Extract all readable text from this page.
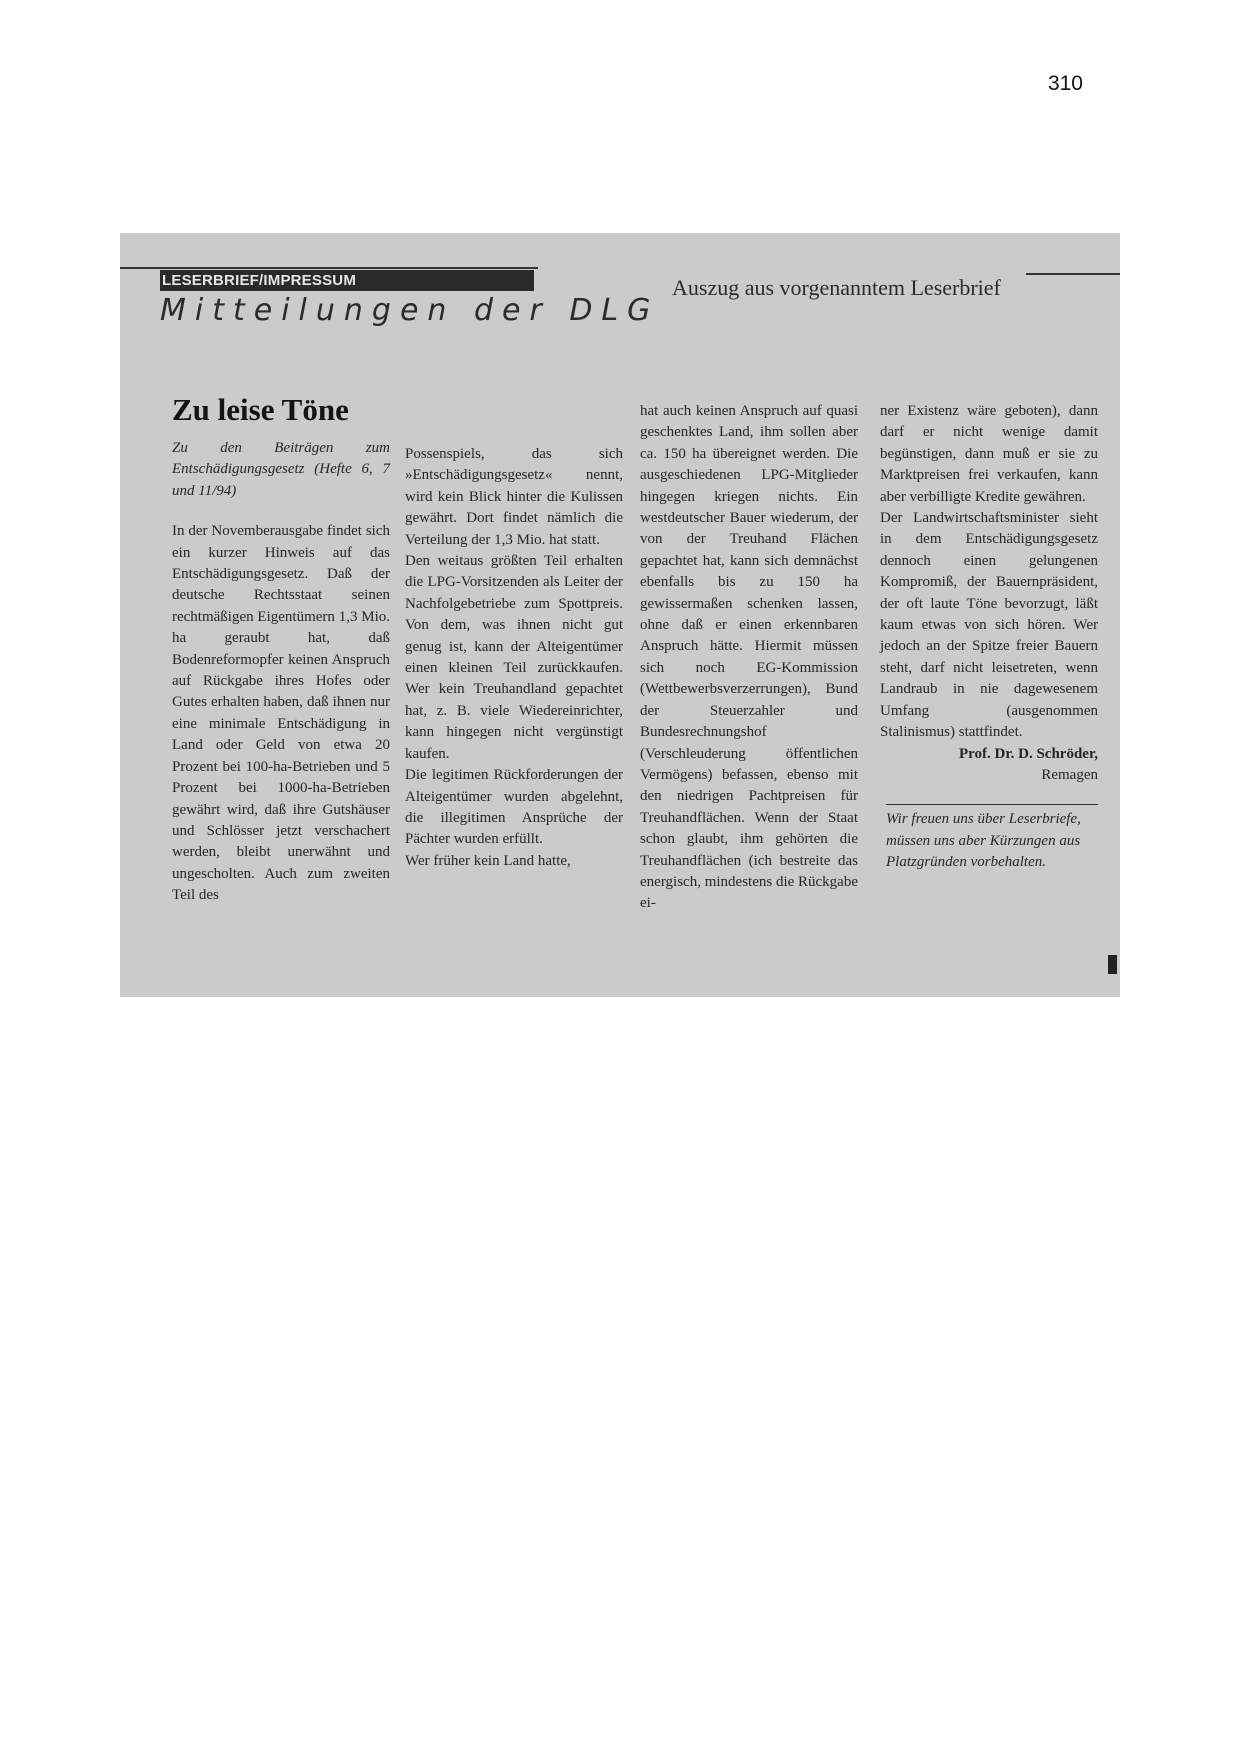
310
LESERBRIEF/IMPRESSUM
Mitteilungen der DLG
Auszug aus vorgenanntem Leserbrief
Zu leise Töne

Zu den Beiträgen zum Entschädigungsgesetz (Hefte 6, 7 und 11/94)

In der Novemberausgabe findet sich ein kurzer Hinweis auf das Entschädigungsgesetz. Daß der deutsche Rechtsstaat seinen rechtmäßigen Eigentümern 1,3 Mio. ha geraubt hat, daß Bodenreformopfer keinen Anspruch auf Rückgabe ihres Hofes oder Gutes erhalten haben, daß ihnen nur eine minimale Entschädigung in Land oder Geld von etwa 20 Prozent bei 100-ha-Betrieben und 5 Prozent bei 1000-ha-Betrieben gewährt wird, daß ihre Gutshäuser und Schlösser jetzt verschachert werden, bleibt unerwähnt und ungescholten. Auch zum zweiten Teil des

Possenspiels, das sich »Entschädigungsgesetz« nennt, wird kein Blick hinter die Kulissen gewährt. Dort findet nämlich die Verteilung der 1,3 Mio. hat statt.

Den weitaus größten Teil erhalten die LPG-Vorsitzenden als Leiter der Nachfolgebetriebe zum Spottpreis. Von dem, was ihnen nicht gut genug ist, kann der Alteigentümer einen kleinen Teil zurückkaufen. Wer kein Treuhandland gepachtet hat, z. B. viele Wiedereinrichter, kann hingegen nicht vergünstigt kaufen.

Die legitimen Rückforderungen der Alteigentümer wurden abgelehnt, die illegitimen Ansprüche der Pächter wurden erfüllt.

Wer früher kein Land hatte,

hat auch keinen Anspruch auf quasi geschenktes Land, ihm sollen aber ca. 150 ha übereignet werden. Die ausgeschiedenen LPG-Mitglieder hingegen kriegen nichts. Ein westdeutscher Bauer wiederum, der von der Treuhand Flächen gepachtet hat, kann sich demnächst ebenfalls bis zu 150 ha gewissermaßen schenken lassen, ohne daß er einen erkennbaren Anspruch hätte. Hiermit müssen sich noch EG-Kommission (Wettbewerbsverzerrungen), Bund der Steuerzahler und Bundesrechnungshof (Verschleuderung öffentlichen Vermögens) befassen, ebenso mit den niedrigen Pachtpreisen für Treuhandflächen. Wenn der Staat schon glaubt, ihm gehörten die Treuhandflächen (ich bestreite das energisch, mindestens die Rückgabe ei-

ner Existenz wäre geboten), dann darf er nicht wenige damit begünstigen, dann muß er sie zu Marktpreisen frei verkaufen, kann aber verbilligte Kredite gewähren.

Der Landwirtschaftsminister sieht in dem Entschädigungsgesetz dennoch einen gelungenen Kompromiß, der Bauernpräsident, der oft laute Töne bevorzugt, läßt kaum etwas von sich hören. Wer jedoch an der Spitze freier Bauern steht, darf nicht leisetreten, wenn Landraub in nie dagewesenem Umfang (ausgenommen Stalinismus) stattfindet.

Prof. Dr. D. Schröder,

Remagen

Wir freuen uns über Leserbriefe, müssen uns aber Kürzungen aus Platzgründen vorbehalten.
